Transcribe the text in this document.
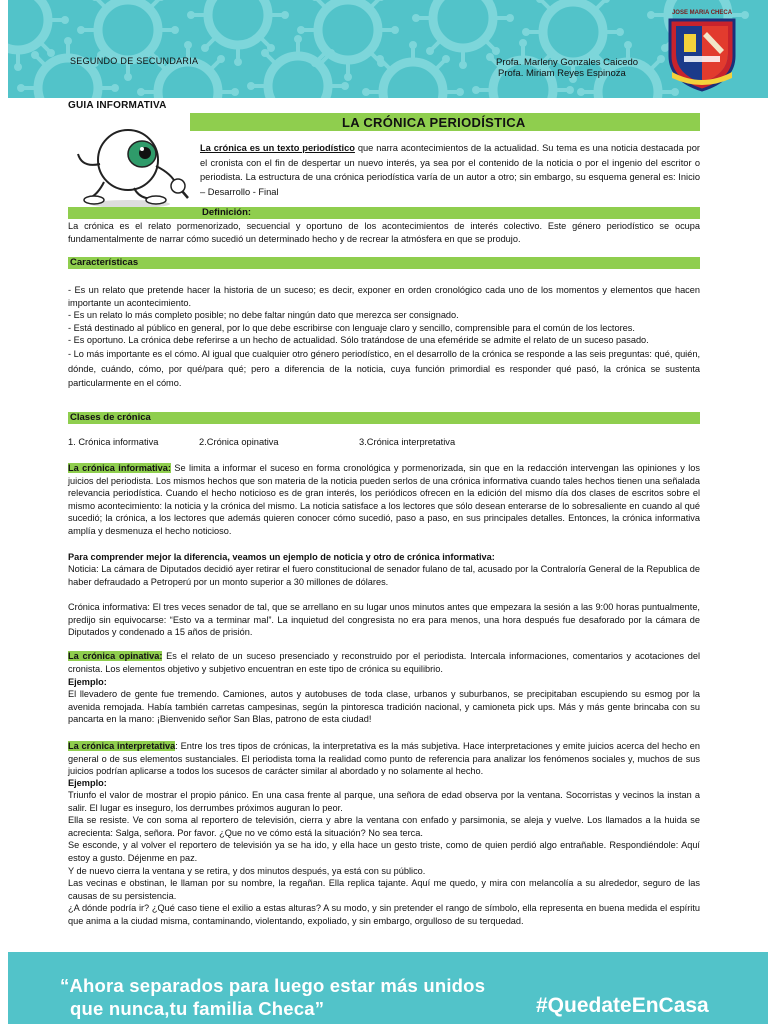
SEGUNDO DE SECUNDARIA	Profa. Marleny Gonzales Caicedo
Profa. Miriam Reyes Espinoza
JOSE MARIA CHECA
GUIA INFORMATIVA
LA CRÓNICA PERIODÍSTICA
La crónica es un texto periodístico que narra acontecimientos de la actualidad. Su tema es una noticia destacada por el cronista con el fin de despertar un nuevo interés, ya sea por el contenido de la noticia o por el ingenio del escritor o periodista. La estructura de una crónica periodística varía de un autor a otro; sin embargo, su esquema general es: Inicio – Desarrollo - Final
Definición:
La crónica es el relato pormenorizado, secuencial y oportuno de los acontecimientos de interés colectivo. Este género periodístico se ocupa fundamentalmente de narrar cómo sucedió un determinado hecho y de recrear la atmósfera en que se produjo.
Características
- Es un relato que pretende hacer la historia de un suceso; es decir, exponer en orden cronológico cada uno de los momentos y elementos que hacen importante un acontecimiento.
- Es un relato lo más completo posible; no debe faltar ningún dato que merezca ser consignado.
- Está destinado al público en general, por lo que debe escribirse con lenguaje claro y sencillo, comprensible para el común de los lectores.
- Es oportuno. La crónica debe referirse a un hecho de actualidad. Sólo tratándose de una efeméride se admite el relato de un suceso pasado.
- Lo más importante es el cómo. Al igual que cualquier otro género periodístico, en el desarrollo de la crónica se responde a las seis preguntas: qué, quién, dónde, cuándo, cómo, por qué/para qué; pero a diferencia de la noticia, cuya función primordial es responder qué pasó, la crónica se sustenta particularmente en el cómo.
Clases de crónica
1. Crónica informativa	2.Crónica opinativa	3.Crónica interpretativa
La crónica informativa: Se limita a informar el suceso en forma cronológica y pormenorizada, sin que en la redacción intervengan las opiniones y los juicios del periodista. Los mismos hechos que son materia de la noticia pueden serlos de una crónica informativa cuando tales hechos tienen una señalada relevancia periodística. Cuando el hecho noticioso es de gran interés, los periódicos ofrecen en la edición del mismo día dos clases de escritos sobre el mismo acontecimiento: la noticia y la crónica del mismo. La noticia satisface a los lectores que sólo desean enterarse de lo sobresaliente en cuando al qué sucedió; la crónica, a los lectores que además quieren conocer cómo sucedió, paso a paso, en sus principales detalles. Entonces, la crónica informativa amplía y desmenuza el hecho noticioso.
Para comprender mejor la diferencia, veamos un ejemplo de noticia y otro de crónica informativa:
Noticia: La cámara de Diputados decidió ayer retirar el fuero constitucional de senador fulano de tal, acusado por la Contraloría General de la Republica de haber defraudado a Petroperú por un monto superior a 30 millones de dólares.
Crónica informativa: El tres veces senador de tal, que se arrellano en su lugar unos minutos antes que empezara la sesión a las 9:00 horas puntualmente, predijo sin equivocarse: “Esto va a terminar mal”. La inquietud del congresista no era para menos, una hora después fue desaforado por la cámara de Diputados y condenado a 15 años de prisión.
La crónica opinativa: Es el relato de un suceso presenciado y reconstruido por el periodista. Intercala informaciones, comentarios y acotaciones del cronista. Los elementos objetivo y subjetivo encuentran en este tipo de crónica su equilibrio.
Ejemplo:
El llevadero de gente fue tremendo. Camiones, autos y autobuses de toda clase, urbanos y suburbanos, se precipitaban escupiendo su esmog por la avenida remojada. Había también carretas campesinas, según la pintoresca tradición nacional, y camioneta pick ups. Más y más gente brincaba con su pancarta en la mano: ¡Bienvenido señor San Blas, patrono de esta ciudad!
La crónica interpretativa: Entre los tres tipos de crónicas, la interpretativa es la más subjetiva. Hace interpretaciones y emite juicios acerca del hecho en general o de sus elementos sustanciales. El periodista toma la realidad como punto de referencia para analizar los fenómenos sociales y, muchos de sus juicios podrían aplicarse a todos los sucesos de carácter similar al abordado y no solamente al hecho.
Ejemplo:
Triunfo el valor de mostrar el propio pánico. En una casa frente al parque, una señora de edad observa por la ventana. Socorristas y vecinos la instan a salir. El lugar es inseguro, los derrumbes próximos auguran lo peor.
Ella se resiste. Ve con soma al reportero de televisión, cierra y abre la ventana con enfado y parsimonia, se aleja y vuelve. Los llamados a la huida se acrecienta: Salga, señora. Por favor. ¿Que no ve cómo está la situación? No sea terca.
Se esconde, y al volver el reportero de televisión ya se ha ido, y ella hace un gesto triste, como de quien perdió algo entrañable. Respondiéndole: Aquí estoy a gusto. Déjenme en paz.
Y de nuevo cierra la ventana y se retira, y dos minutos después, ya está con su público.
Las vecinas e obstinan, le llaman por su nombre, la regañan. Ella replica tajante. Aquí me quedo, y mira con melancolía a su alrededor, seguro de las causas de su persistencia.
¿A dónde podría ir? ¿Qué caso tiene el exilio a estas alturas? A su modo, y sin pretender el rango de símbolo, ella representa en buena medida el espíritu que anima a la ciudad misma, contaminando, violentando, expoliado, y sin embargo, orgulloso de su terquedad.
“Ahora separados para luego estar más unidos
que nunca,tu familia Checa”	#QuedateEnCasa
